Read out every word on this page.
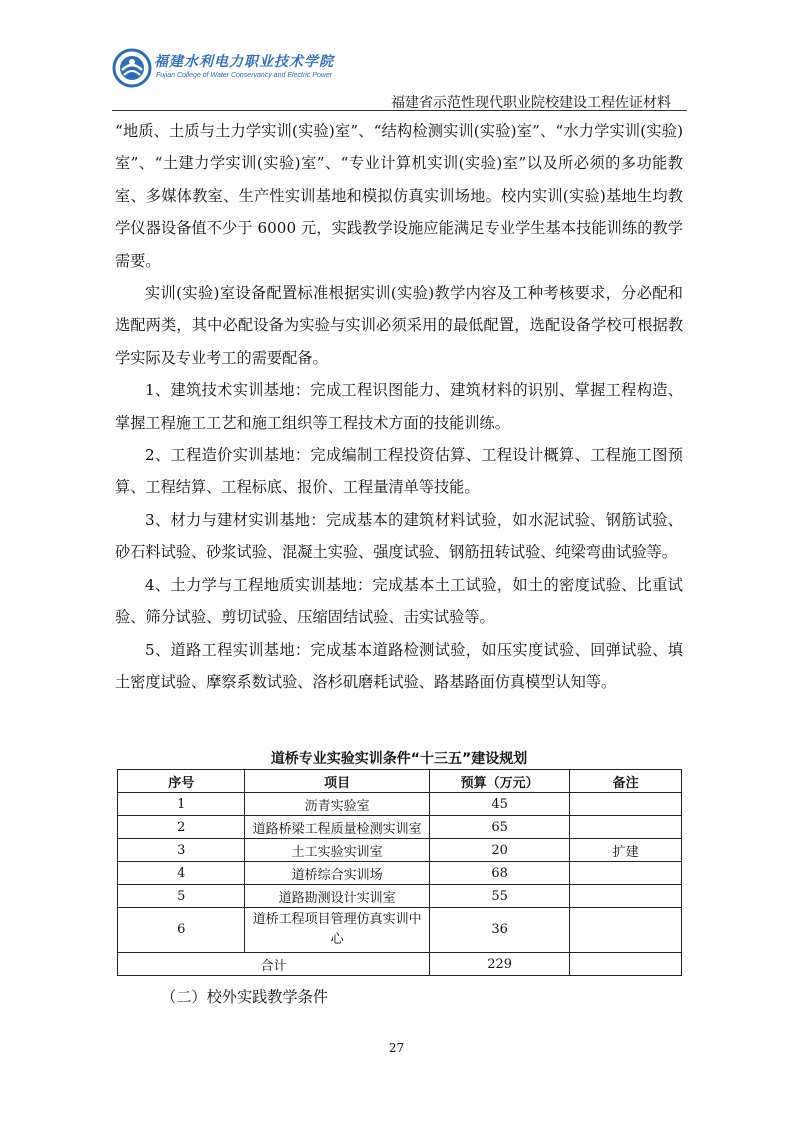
福建水利电力职业技术学院
Fujian College of Water Conservancy and Electric Power
福建省示范性现代职业院校建设工程佐证材料

“地质、土质与土力学实训(实验)室”、“结构检测实训(实验)室”、“水力学实训(实验)室”、“土建力学实训(实验)室”、“专业计算机实训(实验)室”以及所必须的多功能教室、多媒体教室、生产性实训基地和模拟仿真实训场地。校内实训(实验)基地生均教学仪器设备值不少于 6000 元，实践教学设施应能满足专业学生基本技能训练的教学需要。

实训(实验)室设备配置标准根据实训(实验)教学内容及工种考核要求，分必配和选配两类，其中必配设备为实验与实训必须采用的最低配置，选配设备学校可根据教学实际及专业考工的需要配备。

1、建筑技术实训基地：完成工程识图能力、建筑材料的识别、掌握工程构造、掌握工程施工工艺和施工组织等工程技术方面的技能训练。

2、工程造价实训基地：完成编制工程投资估算、工程设计概算、工程施工图预算、工程结算、工程标底、报价、工程量清单等技能。

3、材力与建材实训基地：完成基本的建筑材料试验，如水泥试验、钢筋试验、砂石料试验、砂浆试验、混凝土实验、强度试验、钢筋扭转试验、纯梁弯曲试验等。

4、土力学与工程地质实训基地：完成基本土工试验，如土的密度试验、比重试验、筛分试验、剪切试验、压缩固结试验、击实试验等。

5、道路工程实训基地：完成基本道路检测试验，如压实度试验、回弹试验、填土密度试验、摩察系数试验、洛杉矶磨耗试验、路基路面仿真模型认知等。

道桥专业实验实训条件“十三五”建设规划
序号	项目	预算（万元）	备注
1	沥青实验室	45	
2	道路桥梁工程质量检测实训室	65	
3	土工实验实训室	20	扩建
4	道桥综合实训场	68	
5	道路勘测设计实训室	55	
6	道桥工程项目管理仿真实训中心	36	
合计		229	
（二）校外实践教学条件
27
